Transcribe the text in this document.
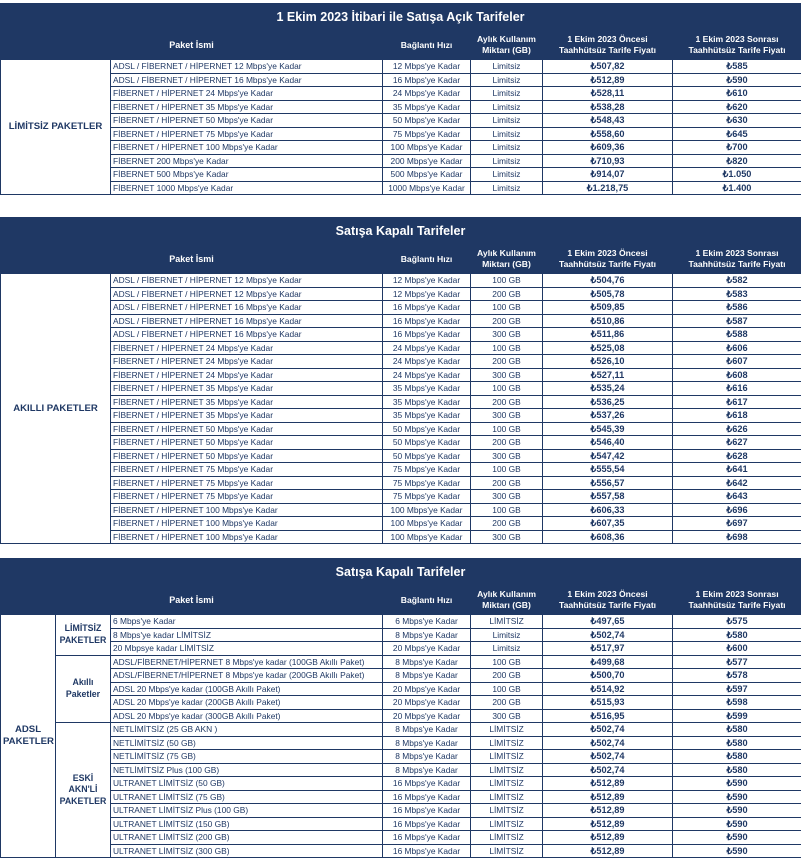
1 Ekim 2023 İtibari ile Satışa Açık Tarifeler
Paket İsmi		Bağlantı Hızı	Aylık Kullanım Miktarı (GB)	1 Ekim 2023 Öncesi Taahhütsüz Tarife Fiyatı	1 Ekim 2023 Sonrası Taahhütsüz Tarife Fiyatı
LİMİTSİZ PAKETLER	ADSL / FİBERNET / HİPERNET 12 Mbps'ye Kadar	12 Mbps'ye Kadar	Limitsiz	₺507,82	₺585
	ADSL / FİBERNET / HİPERNET 16 Mbps'ye Kadar	16 Mbps'ye Kadar	Limitsiz	₺512,89	₺590
	FİBERNET / HİPERNET 24 Mbps'ye Kadar	24 Mbps'ye Kadar	Limitsiz	₺528,11	₺610
	FİBERNET / HİPERNET 35 Mbps'ye Kadar	35 Mbps'ye Kadar	Limitsiz	₺538,28	₺620
	FİBERNET / HİPERNET 50 Mbps'ye Kadar	50 Mbps'ye Kadar	Limitsiz	₺548,43	₺630
	FİBERNET / HİPERNET 75 Mbps'ye Kadar	75 Mbps'ye Kadar	Limitsiz	₺558,60	₺645
	FİBERNET / HİPERNET 100 Mbps'ye Kadar	100 Mbps'ye Kadar	Limitsiz	₺609,36	₺700
	FİBERNET 200 Mbps'ye Kadar	200 Mbps'ye Kadar	Limitsiz	₺710,93	₺820
	FİBERNET 500 Mbps'ye Kadar	500 Mbps'ye Kadar	Limitsiz	₺914,07	₺1.050
	FİBERNET 1000 Mbps'ye Kadar	1000 Mbps'ye Kadar	Limitsiz	₺1.218,75	₺1.400
Satışa Kapalı Tarifeler
Paket İsmi		Bağlantı Hızı	Aylık Kullanım Miktarı (GB)	1 Ekim 2023 Öncesi Taahhütsüz Tarife Fiyatı	1 Ekim 2023 Sonrası Taahhütsüz Tarife Fiyatı
AKILLI PAKETLER	ADSL / FİBERNET / HİPERNET 12 Mbps'ye Kadar	12 Mbps'ye Kadar	100 GB	₺504,76	₺582
	ADSL / FİBERNET / HİPERNET 12 Mbps'ye Kadar	12 Mbps'ye Kadar	200 GB	₺505,78	₺583
	ADSL / FİBERNET / HİPERNET 16 Mbps'ye Kadar	16 Mbps'ye Kadar	100 GB	₺509,85	₺586
	ADSL / FİBERNET / HİPERNET 16 Mbps'ye Kadar	16 Mbps'ye Kadar	200 GB	₺510,86	₺587
	ADSL / FİBERNET / HİPERNET 16 Mbps'ye Kadar	16 Mbps'ye Kadar	300 GB	₺511,86	₺588
	FİBERNET / HİPERNET 24 Mbps'ye Kadar	24 Mbps'ye Kadar	100 GB	₺525,08	₺606
	FİBERNET / HİPERNET 24 Mbps'ye Kadar	24 Mbps'ye Kadar	200 GB	₺526,10	₺607
	FİBERNET / HİPERNET 24 Mbps'ye Kadar	24 Mbps'ye Kadar	300 GB	₺527,11	₺608
	FİBERNET / HİPERNET 35 Mbps'ye Kadar	35 Mbps'ye Kadar	100 GB	₺535,24	₺616
	FİBERNET / HİPERNET 35 Mbps'ye Kadar	35 Mbps'ye Kadar	200 GB	₺536,25	₺617
	FİBERNET / HİPERNET 35 Mbps'ye Kadar	35 Mbps'ye Kadar	300 GB	₺537,26	₺618
	FİBERNET / HİPERNET 50 Mbps'ye Kadar	50 Mbps'ye Kadar	100 GB	₺545,39	₺626
	FİBERNET / HİPERNET 50 Mbps'ye Kadar	50 Mbps'ye Kadar	200 GB	₺546,40	₺627
	FİBERNET / HİPERNET 50 Mbps'ye Kadar	50 Mbps'ye Kadar	300 GB	₺547,42	₺628
	FİBERNET / HİPERNET 75 Mbps'ye Kadar	75 Mbps'ye Kadar	100 GB	₺555,54	₺641
	FİBERNET / HİPERNET 75 Mbps'ye Kadar	75 Mbps'ye Kadar	200 GB	₺556,57	₺642
	FİBERNET / HİPERNET 75 Mbps'ye Kadar	75 Mbps'ye Kadar	300 GB	₺557,58	₺643
	FİBERNET / HİPERNET 100 Mbps'ye Kadar	100 Mbps'ye Kadar	100 GB	₺606,33	₺696
	FİBERNET / HİPERNET 100 Mbps'ye Kadar	100 Mbps'ye Kadar	200 GB	₺607,35	₺697
	FİBERNET / HİPERNET 100 Mbps'ye Kadar	100 Mbps'ye Kadar	300 GB	₺608,36	₺698
Satışa Kapalı Tarifeler
Paket İsmi			Bağlantı Hızı	Aylık Kullanım Miktarı (GB)	1 Ekim 2023 Öncesi Taahhütsüz Tarife Fiyatı	1 Ekim 2023 Sonrası Taahhütsüz Tarife Fiyatı
ADSL PAKETLER	LİMİTSİZ PAKETLER	6 Mbps'ye Kadar	6 Mbps'ye Kadar	LİMİTSİZ	₺497,65	₺575
		8 Mbps'ye kadar LİMİTSİZ	8 Mbps'ye Kadar	Limitsiz	₺502,74	₺580
		20 Mbpsye kadar LİMİTSİZ	20 Mbps'ye Kadar	Limitsiz	₺517,97	₺600
	Akıllı Paketler	ADSL/FİBERNET/HİPERNET 8 Mbps'ye kadar (100GB Akıllı Paket)	8 Mbps'ye Kadar	100 GB	₺499,68	₺577
		ADSL/FİBERNET/HİPERNET 8 Mbps'ye kadar (200GB Akıllı Paket)	8 Mbps'ye Kadar	200 GB	₺500,70	₺578
		ADSL 20 Mbps'ye kadar (100GB Akıllı Paket)	20 Mbps'ye Kadar	100 GB	₺514,92	₺597
		ADSL 20 Mbps'ye kadar (200GB Akıllı Paket)	20 Mbps'ye Kadar	200 GB	₺515,93	₺598
		ADSL 20 Mbps'ye kadar (300GB Akıllı Paket)	20 Mbps'ye Kadar	300 GB	₺516,95	₺599
	ESKİ AKN'Lİ PAKETLER	NETLİMİTSİZ (25 GB AKN )	8 Mbps'ye Kadar	LİMİTSİZ	₺502,74	₺580
		NETLİMİTSİZ (50 GB)	8 Mbps'ye Kadar	LİMİTSİZ	₺502,74	₺580
		NETLİMİTSİZ (75 GB)	8 Mbps'ye Kadar	LİMİTSİZ	₺502,74	₺580
		NETLİMİTSİZ Plus (100 GB)	8 Mbps'ye Kadar	LİMİTSİZ	₺502,74	₺580
		ULTRANET LİMİTSİZ (50 GB)	16 Mbps'ye Kadar	LİMİTSİZ	₺512,89	₺590
		ULTRANET LİMİTSİZ (75 GB)	16 Mbps'ye Kadar	LİMİTSİZ	₺512,89	₺590
		ULTRANET LİMİTSİZ Plus (100 GB)	16 Mbps'ye Kadar	LİMİTSİZ	₺512,89	₺590
		ULTRANET LİMİTSİZ (150 GB)	16 Mbps'ye Kadar	LİMİTSİZ	₺512,89	₺590
		ULTRANET LİMİTSİZ (200 GB)	16 Mbps'ye Kadar	LİMİTSİZ	₺512,89	₺590
		ULTRANET LİMİTSİZ (300 GB)	16 Mbps'ye Kadar	LİMİTSİZ	₺512,89	₺590
